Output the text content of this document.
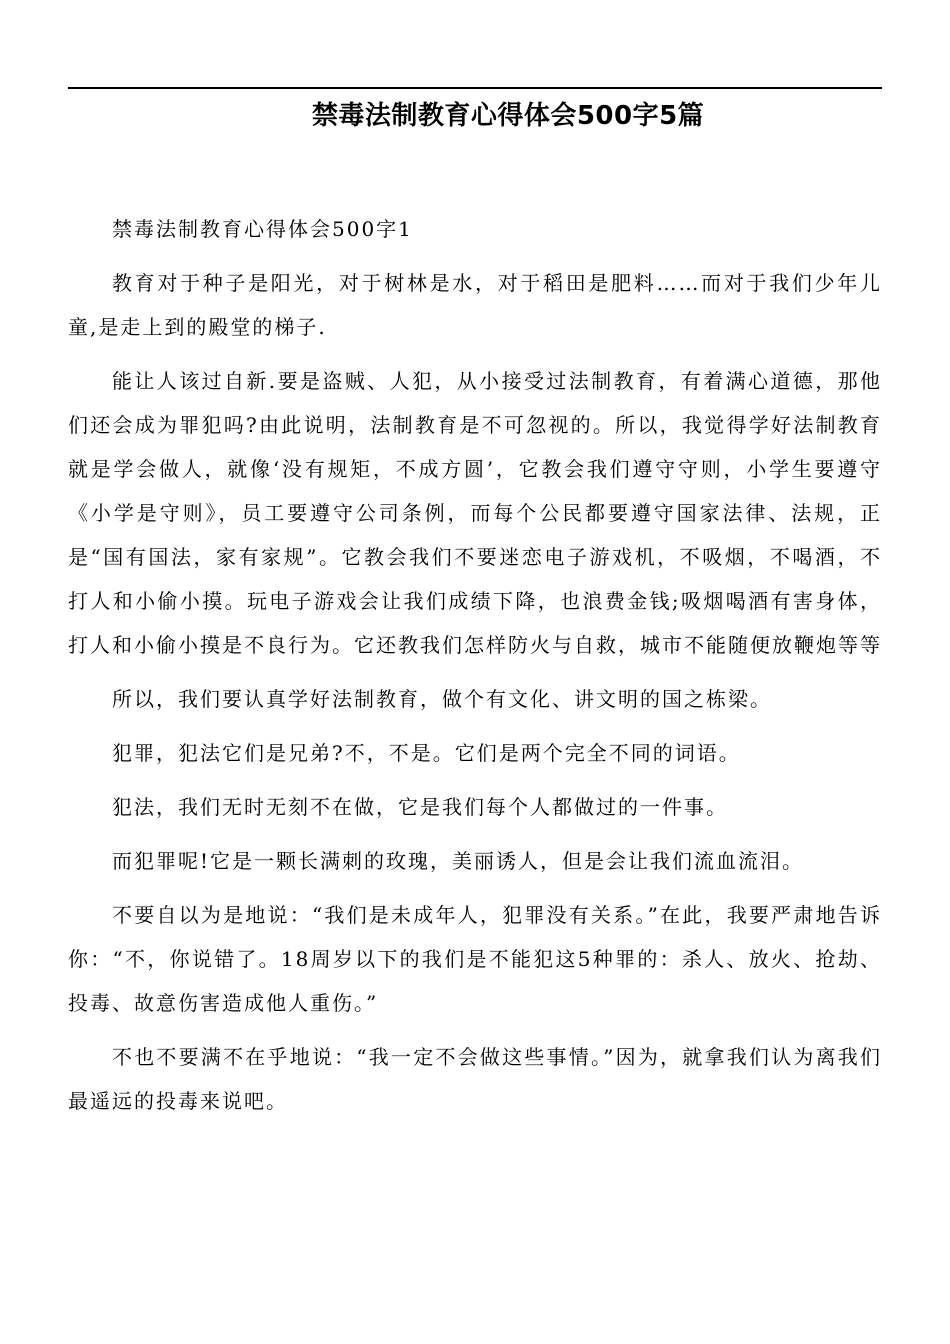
禁毒法制教育心得体会500字5篇

禁毒法制教育心得体会500字1

教育对于种子是阳光，对于树林是水，对于稻田是肥料……而对于我们少年儿童,是走上到的殿堂的梯子.

能让人该过自新.要是盗贼、人犯，从小接受过法制教育，有着满心道德，那他们还会成为罪犯吗?由此说明，法制教育是不可忽视的。所以，我觉得学好法制教育就是学会做人，就像‘没有规矩，不成方圆’，它教会我们遵守守则，小学生要遵守《小学是守则》，员工要遵守公司条例，而每个公民都要遵守国家法律、法规，正是“国有国法，家有家规”。它教会我们不要迷恋电子游戏机，不吸烟，不喝酒，不打人和小偷小摸。玩电子游戏会让我们成绩下降，也浪费金钱;吸烟喝酒有害身体，打人和小偷小摸是不良行为。它还教我们怎样防火与自救，城市不能随便放鞭炮等等

所以，我们要认真学好法制教育，做个有文化、讲文明的国之栋梁。

犯罪，犯法它们是兄弟?不，不是。它们是两个完全不同的词语。

犯法，我们无时无刻不在做，它是我们每个人都做过的一件事。

而犯罪呢!它是一颗长满刺的玫瑰，美丽诱人，但是会让我们流血流泪。

不要自以为是地说：“我们是未成年人，犯罪没有关系。”在此，我要严肃地告诉你：“不，你说错了。18周岁以下的我们是不能犯这5种罪的：杀人、放火、抢劫、投毒、故意伤害造成他人重伤。”

不也不要满不在乎地说：“我一定不会做这些事情。”因为，就拿我们认为离我们最遥远的投毒来说吧。
